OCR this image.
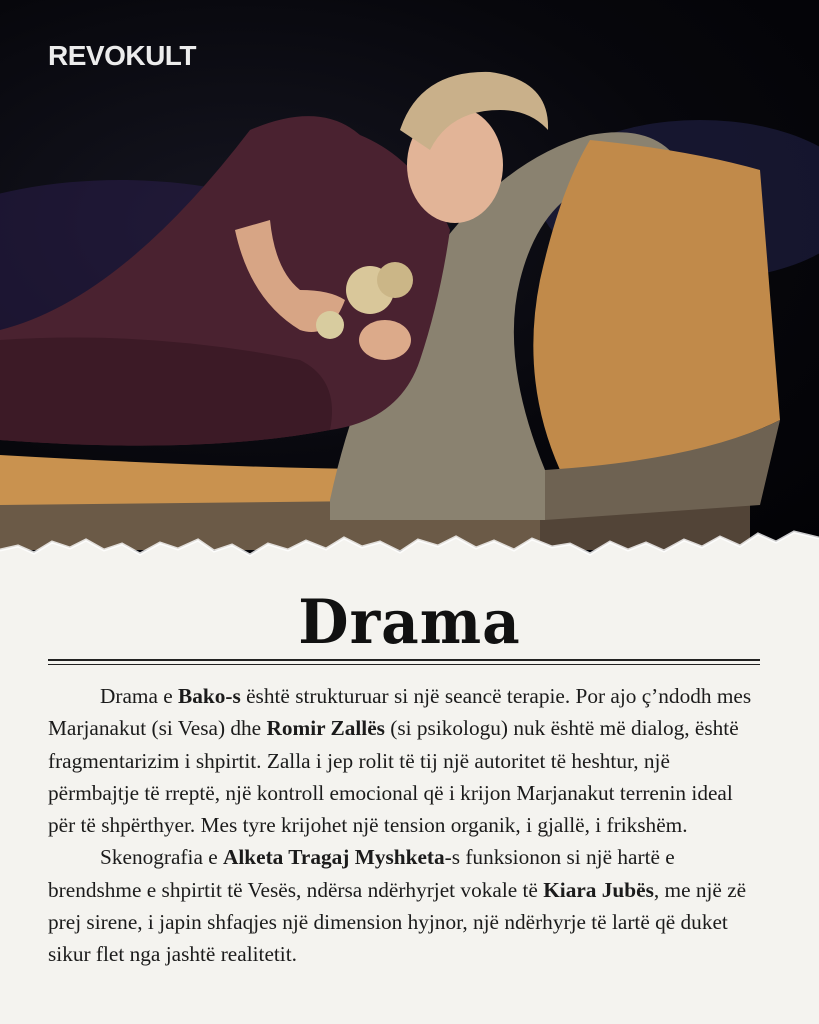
REVOKULT
Drama

Drama e Bako-s është strukturuar si një seancë terapie. Por ajo ç’ndodh mes Marjanakut (si Vesa) dhe Romir Zallës (si psikologu) nuk është më dialog, është fragmentarizim i shpirtit. Zalla i jep rolit të tij një autoritet të heshtur, një përmbajtje të rreptë, një kontroll emocional që i krijon Marjanakut terrenin ideal për të shpërthyer. Mes tyre krijohet një tension organik, i gjallë, i frikshëm.

Skenografia e Alketa Tragaj Myshketa-s funksionon si një hartë e brendshme e shpirtit të Vesës, ndërsa ndërhyrjet vokale të Kiara Jubës, me një zë prej sirene, i japin shfaqjes një dimension hyjnor, një ndërhyrje të lartë që duket sikur flet nga jashtë realitetit.
